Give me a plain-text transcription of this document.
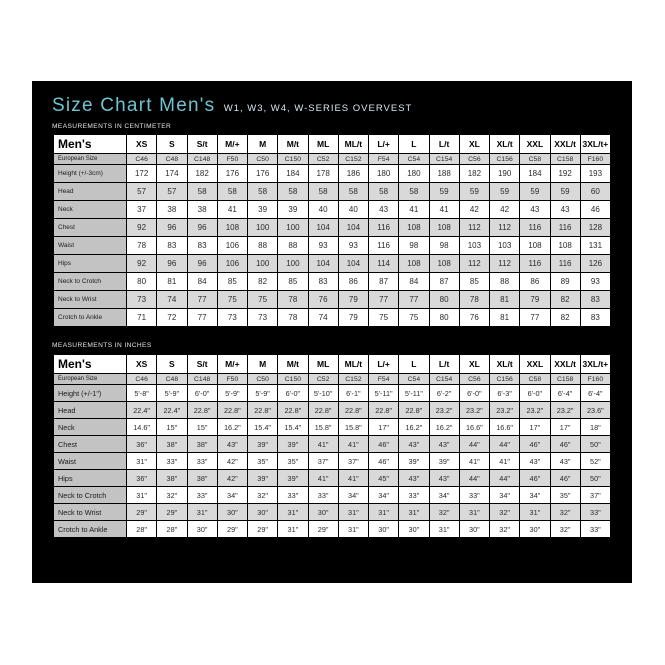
Size Chart Men's W1, W3, W4, W-SERIES OVERVEST
MEASUREMENTS IN CENTIMETER
Men's	XS	S	S/t	M/+	M	M/t	ML	ML/t	L/+	L	L/t	XL	XL/t	XXL	XXL/t	3XL/t+
European Size	C46	C48	C148	F50	C50	C150	C52	C152	F54	C54	C154	C56	C156	C58	C158	F160
Height (+/-3cm)	172	174	182	176	176	184	178	186	180	180	188	182	190	184	192	193
Head	57	57	58	58	58	58	58	58	58	58	59	59	59	59	59	60
Neck	37	38	38	41	39	39	40	40	43	41	41	42	42	43	43	46
Chest	92	96	96	108	100	100	104	104	116	108	108	112	112	116	116	128
Waist	78	83	83	106	88	88	93	93	116	98	98	103	103	108	108	131
Hips	92	96	96	106	100	100	104	104	114	108	108	112	112	116	116	126
Neck to Crotch	80	81	84	85	82	85	83	86	87	84	87	85	88	86	89	93
Neck to Wrist	73	74	77	75	75	78	76	79	77	77	80	78	81	79	82	83
Crotch to Ankle	71	72	77	73	73	78	74	79	75	75	80	76	81	77	82	83
MEASUREMENTS IN INCHES
Men's	XS	S	S/t	M/+	M	M/t	ML	ML/t	L/+	L	L/t	XL	XL/t	XXL	XXL/t	3XL/t+
European Size	C46	C48	C148	F50	C50	C150	C52	C152	F54	C54	C154	C56	C156	C58	C158	F160
Height (+/-1")	5'-8"	5'-9"	6'-0"	5'-9"	5'-9"	6'-0"	5'-10"	6'-1"	5'-11"	5'-11"	6'-2"	6'-0"	6'-3"	6'-0"	6'-4"	6'-4"
Head	22.4"	22.4"	22.8"	22.8"	22.8"	22.8"	22.8"	22.8"	22.8"	22.8"	23.2"	23.2"	23.2"	23.2"	23.2"	23.6"
Neck	14.6"	15"	15"	16.2"	15.4"	15.4"	15.8"	15.8"	17"	16.2"	16.2"	16.6"	16.6"	17"	17"	18"
Chest	36"	38"	38"	43"	39"	39"	41"	41"	46"	43"	43"	44"	44"	46"	46"	50"
Waist	31"	33"	33"	42"	35"	35"	37"	37"	46"	39"	39"	41"	41"	43"	43"	52"
Hips	36"	38"	38"	42"	39"	39"	41"	41"	45"	43"	43"	44"	44"	46"	46"	50"
Neck to Crotch	31"	32"	33"	34"	32"	33"	33"	34"	34"	33"	34"	33"	34"	34"	35"	37"
Neck to Wrist	29"	29"	31"	30"	30"	31"	30"	31"	31"	31"	32"	31"	32"	31"	32"	33"
Crotch to Ankle	28"	28"	30"	29"	29"	31"	29"	31"	30"	30"	31"	30"	32"	30"	32"	33"
